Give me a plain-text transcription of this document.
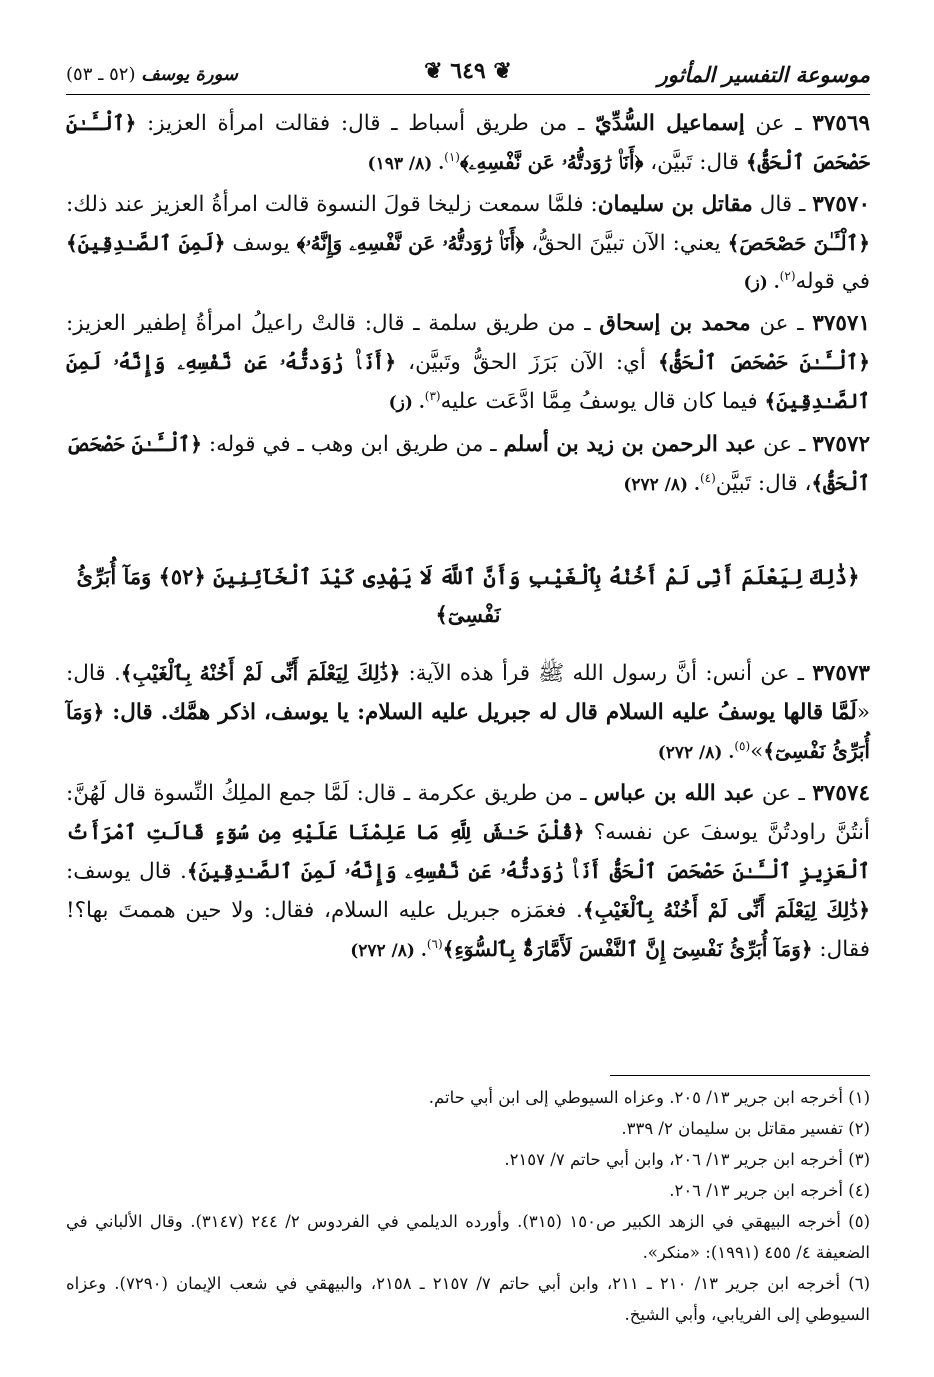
موسوعة التفسير المأثور
❦ ٦٤٩ ❦
سورة يوسف (٥٢ ـ ٥٣)

٣٧٥٦٩ ـ عن إسماعيل السُّدِّيّ ـ من طريق أسباط ـ قال: فقالت امرأة العزيز: ﴿ٱلْـَٔـٰنَ حَصْحَصَ ٱلْحَقُّ﴾ قال: تَبيَّن، ﴿أَنَا۠ رَٰوَدتُّهُۥ عَن نَّفْسِهِۦ﴾$^{(١)}$. (٨/ ١٩٣)

٣٧٥٧٠ ـ قال مقاتل بن سليمان: فلمَّا سمعت زليخا قولَ النسوة قالت امرأةُ العزيز عند ذلك: ﴿ٱلْـَٔـٰنَ حَصْحَصَ﴾ يعني: الآن تبيَّنَ الحقُّ، ﴿أَنَا۠ رَٰوَدتُّهُۥ عَن نَّفْسِهِۦ وَإِنَّهُۥ﴾ يوسف ﴿لَمِنَ ٱلصَّـٰدِقِينَ﴾ في قوله$^{(٢)}$. (ز)

٣٧٥٧١ ـ عن محمد بن إسحاق ـ من طريق سلمة ـ قال: قالتْ راعيلُ امرأةُ إطفير العزيز: ﴿ٱلْـَٔـٰنَ حَصْحَصَ ٱلْحَقُّ﴾ أي: الآن بَرَزَ الحقُّ وتَبيَّن، ﴿أَنَا۠ رَٰوَدتُّهُۥ عَن نَّفْسِهِۦ وَإِنَّهُۥ لَمِنَ ٱلصَّـٰدِقِينَ﴾ فيما كان قال يوسفُ مِمَّا ادَّعَت عليه$^{(٣)}$. (ز)

٣٧٥٧٢ ـ عن عبد الرحمن بن زيد بن أسلم ـ من طريق ابن وهب ـ في قوله: ﴿ٱلْـَٔـٰنَ حَصْحَصَ ٱلْحَقُّ﴾، قال: تَبيَّن$^{(٤)}$. (٨/ ٢٧٢)

﴿ذَٰلِكَ لِيَعْلَمَ أَنِّى لَمْ أَخُنْهُ بِٱلْغَيْبِ وَأَنَّ ٱللَّهَ لَا يَهْدِى كَيْدَ ٱلْخَآئِنِينَ ﴿٥٢﴾ وَمَآ أُبَرِّئُ نَفْسِىٓ﴾

٣٧٥٧٣ ـ عن أنس: أنَّ رسول الله ﷺ قرأ هذه الآية: ﴿ذَٰلِكَ لِيَعْلَمَ أَنِّى لَمْ أَخُنْهُ بِٱلْغَيْبِ﴾. قال: «لَمَّا قالها يوسفُ عليه السلام قال له جبريل عليه السلام: يا يوسف، اذكر همَّك. قال: ﴿وَمَآ أُبَرِّئُ نَفْسِىٓ﴾»$^{(٥)}$. (٨/ ٢٧٢)

٣٧٥٧٤ ـ عن عبد الله بن عباس ـ من طريق عكرمة ـ قال: لَمَّا جمع الملِكُ النِّسوة قال لَهُنَّ: أنتُنَّ راودتُنَّ يوسفَ عن نفسه؟ ﴿قُلْنَ حَـٰشَ لِلَّهِ مَا عَلِمْنَا عَلَيْهِ مِن سُوٓءٍ قَالَتِ ٱمْرَأَتُ ٱلْعَزِيزِ ٱلْـَٔـٰنَ حَصْحَصَ ٱلْحَقُّ أَنَا۠ رَٰوَدتُّهُۥ عَن نَّفْسِهِۦ وَإِنَّهُۥ لَمِنَ ٱلصَّـٰدِقِينَ﴾. قال يوسف: ﴿ذَٰلِكَ لِيَعْلَمَ أَنِّى لَمْ أَخُنْهُ بِٱلْغَيْبِ﴾. فغمَزه جبريل عليه السلام، فقال: ولا حين هممتَ بها؟! فقال: ﴿وَمَآ أُبَرِّئُ نَفْسِىٓ إِنَّ ٱلنَّفْسَ لَأَمَّارَةٌۢ بِٱلسُّوٓءِ﴾$^{(٦)}$. (٨/ ٢٧٢)

(١) أخرجه ابن جرير ١٣/ ٢٠٥. وعزاه السيوطي إلى ابن أبي حاتم.

(٢) تفسير مقاتل بن سليمان ٢/ ٣٣٩.

(٣) أخرجه ابن جرير ١٣/ ٢٠٦، وابن أبي حاتم ٧/ ٢١٥٧.

(٤) أخرجه ابن جرير ١٣/ ٢٠٦.

(٥) أخرجه البيهقي في الزهد الكبير ص١٥٠ (٣١٥). وأورده الديلمي في الفردوس ٢/ ٢٤٤ (٣١٤٧). وقال الألباني في الضعيفة ٤/ ٤٥٥ (١٩٩١): «منكر».

(٦) أخرجه ابن جرير ١٣/ ٢١٠ ـ ٢١١، وابن أبي حاتم ٧/ ٢١٥٧ ـ ٢١٥٨، والبيهقي في شعب الإيمان (٧٢٩٠). وعزاه السيوطي إلى الفريابي، وأبي الشيخ.
